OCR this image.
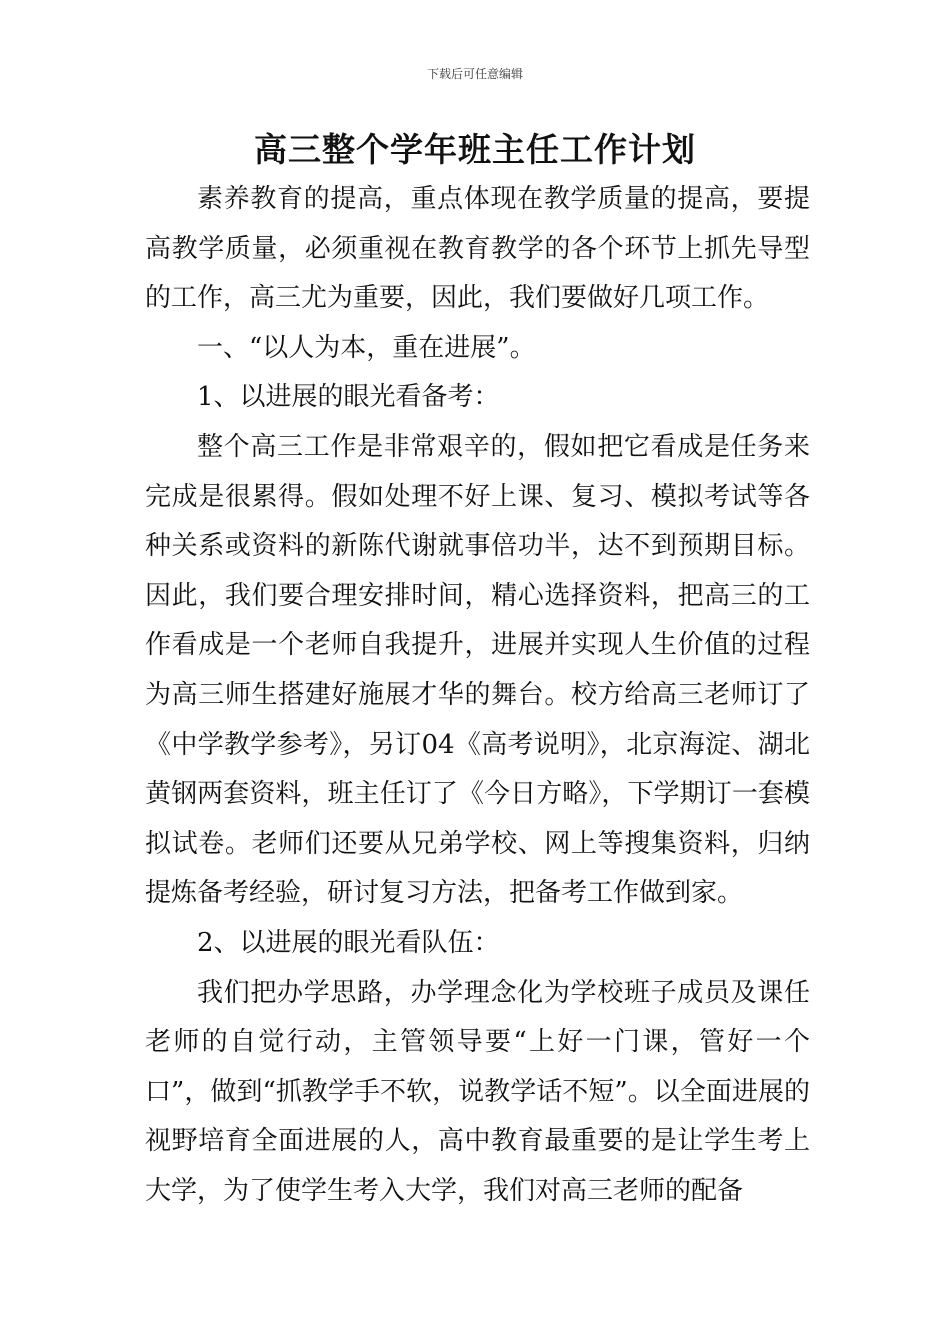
下载后可任意编辑
高三整个学年班主任工作计划

素养教育的提高，重点体现在教学质量的提高，要提高教学质量，必须重视在教育教学的各个环节上抓先导型的工作，高三尤为重要，因此，我们要做好几项工作。

一、“以人为本，重在进展”。

1、以进展的眼光看备考：

整个高三工作是非常艰辛的，假如把它看成是任务来完成是很累得。假如处理不好上课、复习、模拟考试等各种关系或资料的新陈代谢就事倍功半，达不到预期目标。因此，我们要合理安排时间，精心选择资料，把高三的工作看成是一个老师自我提升，进展并实现人生价值的过程为高三师生搭建好施展才华的舞台。校方给高三老师订了《中学教学参考》，另订04《高考说明》，北京海淀、湖北黄钢两套资料，班主任订了《今日方略》，下学期订一套模拟试卷。老师们还要从兄弟学校、网上等搜集资料，归纳提炼备考经验，研讨复习方法，把备考工作做到家。

2、以进展的眼光看队伍：

我们把办学思路，办学理念化为学校班子成员及课任老师的自觉行动，主管领导要“上好一门课，管好一个口”，做到“抓教学手不软，说教学话不短”。以全面进展的视野培育全面进展的人，高中教育最重要的是让学生考上大学，为了使学生考入大学，我们对高三老师的配备
